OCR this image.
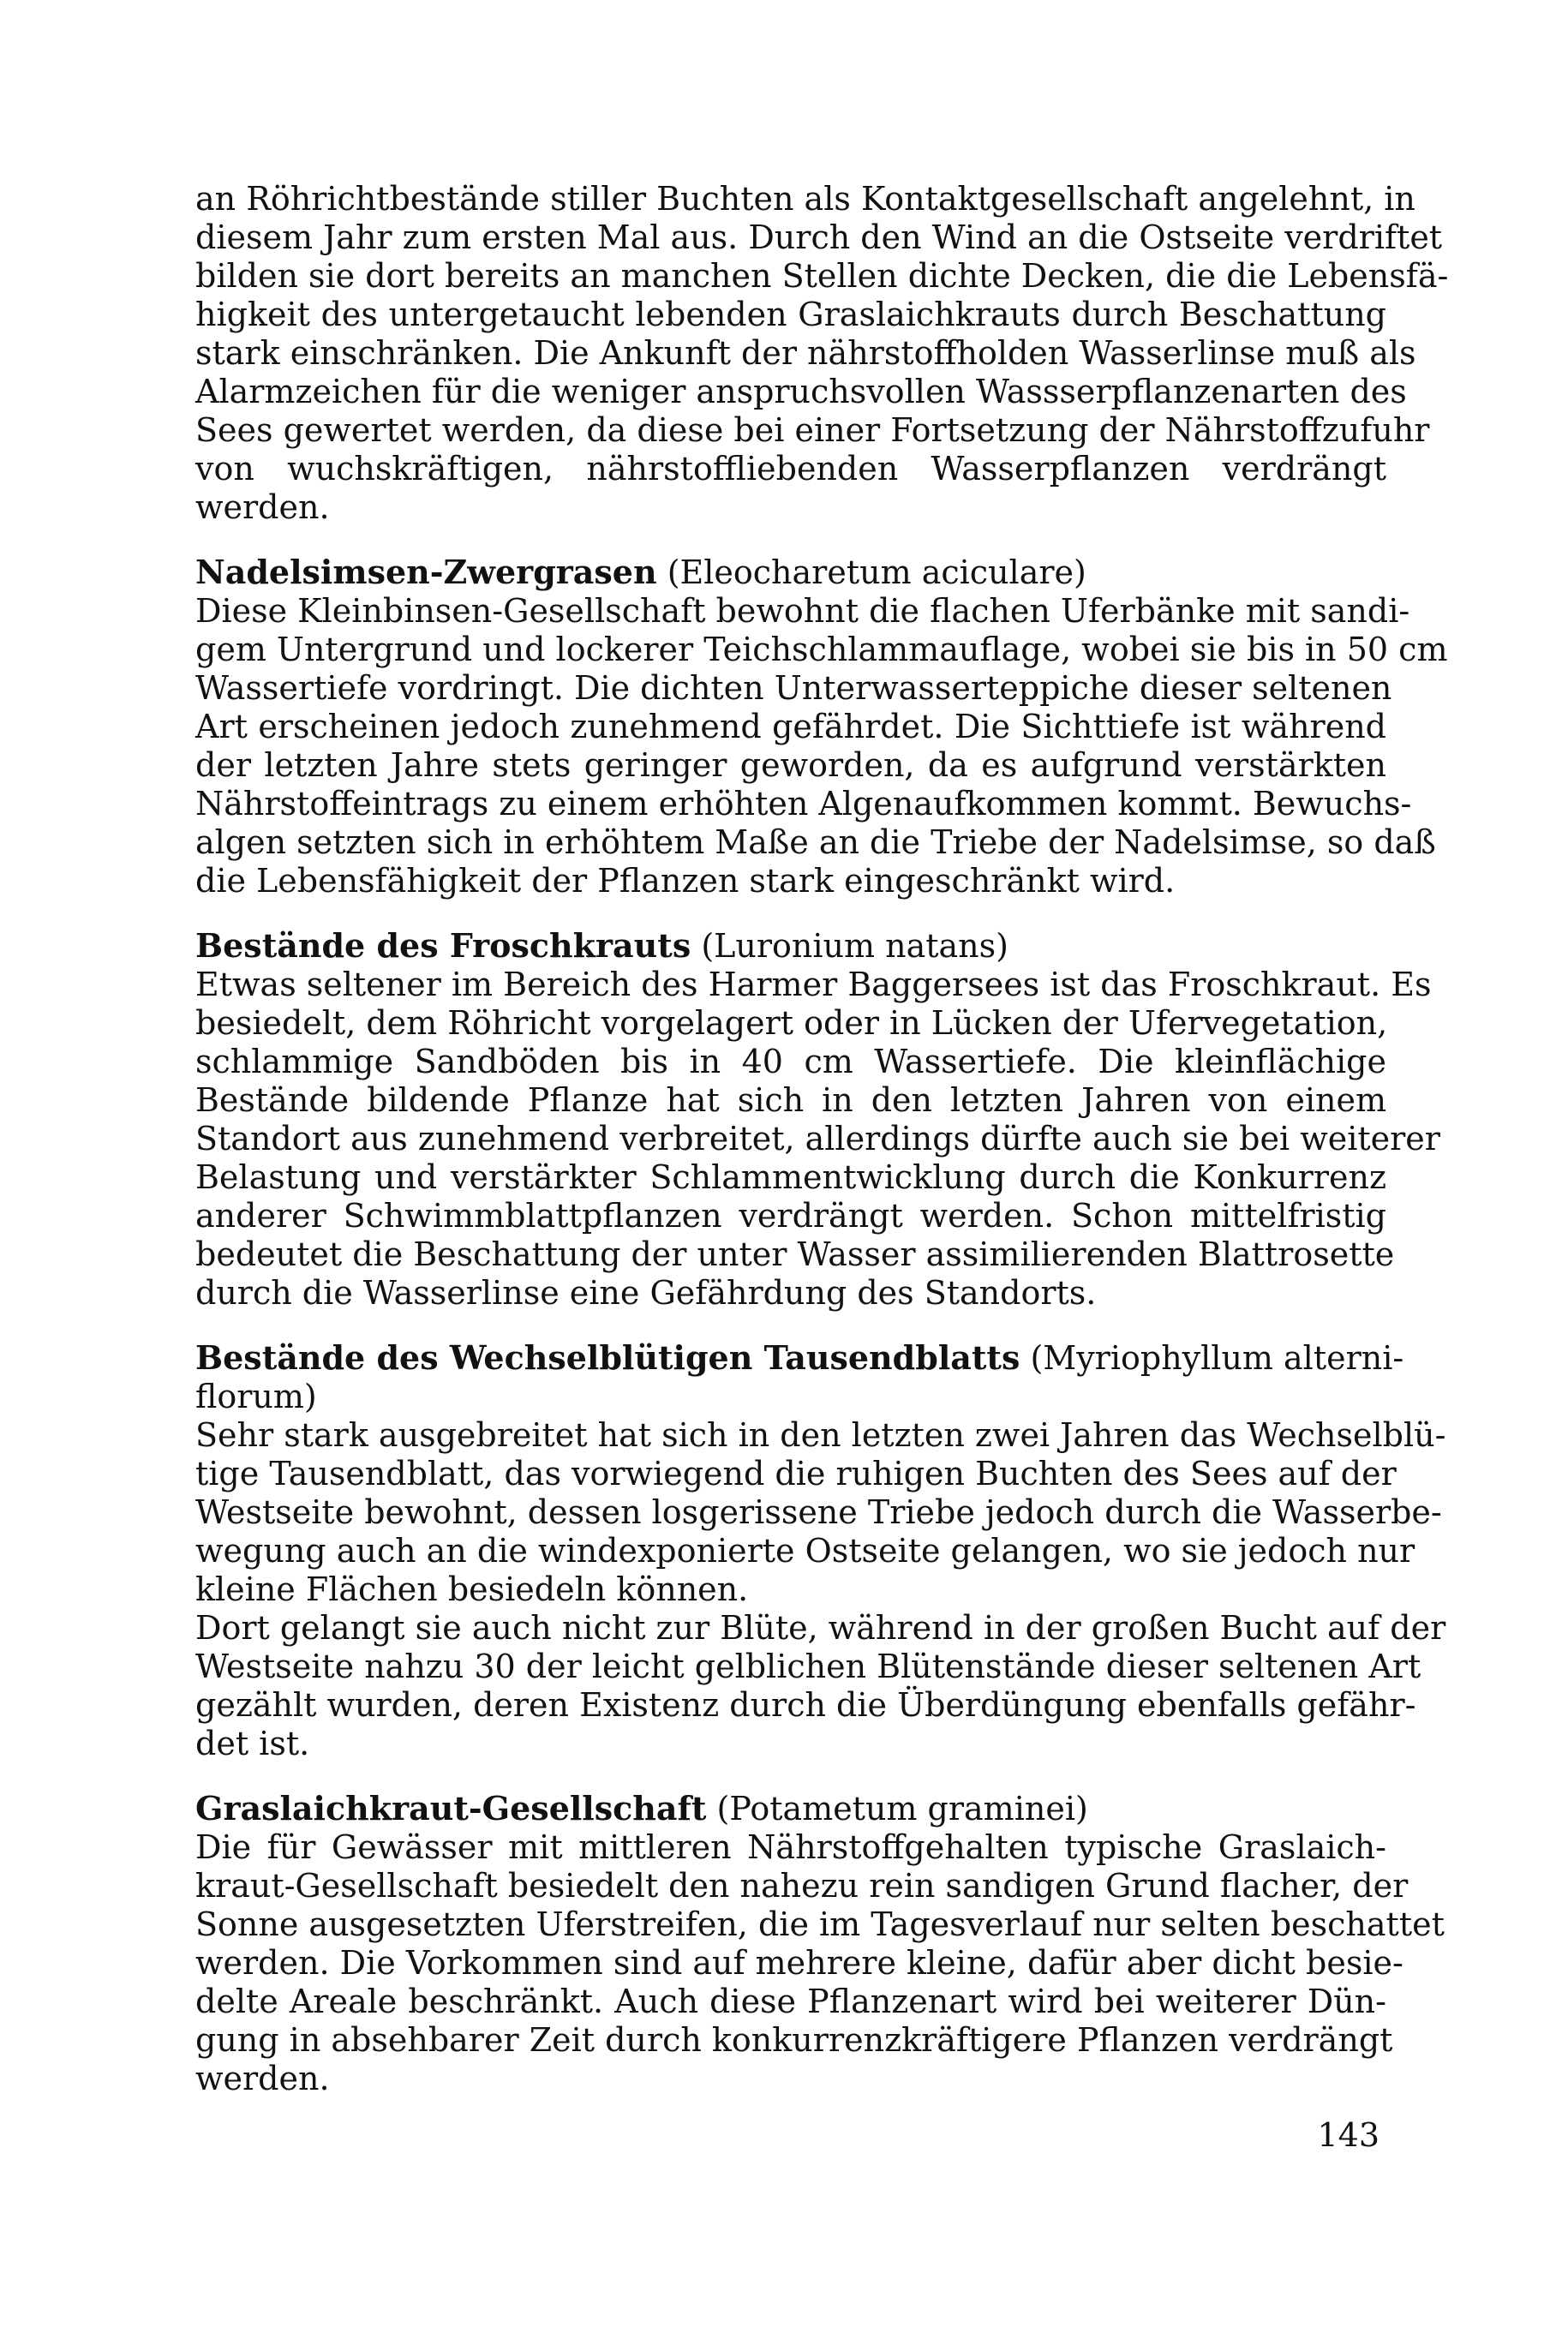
an Röhrichtbestände stiller Buchten als Kontaktgesellschaft angelehnt, in
diesem Jahr zum ersten Mal aus. Durch den Wind an die Ostseite verdriftet
bilden sie dort bereits an manchen Stellen dichte Decken, die die Lebensfä-
higkeit des untergetaucht lebenden Graslaichkrauts durch Beschattung
stark einschränken. Die Ankunft der nährstoffholden Wasserlinse muß als
Alarmzeichen für die weniger anspruchsvollen Wassserpflanzenarten des
Sees gewertet werden, da diese bei einer Fortsetzung der Nährstoffzufuhr
von wuchskräftigen, nährstoffliebenden Wasserpflanzen verdrängt
werden.
Nadelsimsen-Zwergrasen (Eleocharetum aciculare)
Diese Kleinbinsen-Gesellschaft bewohnt die flachen Uferbänke mit sandi-
gem Untergrund und lockerer Teichschlammauflage, wobei sie bis in 50 cm
Wassertiefe vordringt. Die dichten Unterwasserteppiche dieser seltenen
Art erscheinen jedoch zunehmend gefährdet. Die Sichttiefe ist während
der letzten Jahre stets geringer geworden, da es aufgrund verstärkten
Nährstoffeintrags zu einem erhöhten Algenaufkommen kommt. Bewuchs-
algen setzten sich in erhöhtem Maße an die Triebe der Nadelsimse, so daß
die Lebensfähigkeit der Pflanzen stark eingeschränkt wird.
Bestände des Froschkrauts (Luronium natans)
Etwas seltener im Bereich des Harmer Baggersees ist das Froschkraut. Es
besiedelt, dem Röhricht vorgelagert oder in Lücken der Ufervegetation,
schlammige Sandböden bis in 40 cm Wassertiefe. Die kleinflächige
Bestände bildende Pflanze hat sich in den letzten Jahren von einem
Standort aus zunehmend verbreitet, allerdings dürfte auch sie bei weiterer
Belastung und verstärkter Schlammentwicklung durch die Konkurrenz
anderer Schwimmblattpflanzen verdrängt werden. Schon mittelfristig
bedeutet die Beschattung der unter Wasser assimilierenden Blattrosette
durch die Wasserlinse eine Gefährdung des Standorts.
Bestände des Wechselblütigen Tausendblatts (Myriophyllum alterni-
florum)
Sehr stark ausgebreitet hat sich in den letzten zwei Jahren das Wechselblü-
tige Tausendblatt, das vorwiegend die ruhigen Buchten des Sees auf der
Westseite bewohnt, dessen losgerissene Triebe jedoch durch die Wasserbe-
wegung auch an die windexponierte Ostseite gelangen, wo sie jedoch nur
kleine Flächen besiedeln können.
Dort gelangt sie auch nicht zur Blüte, während in der großen Bucht auf der
Westseite nahzu 30 der leicht gelblichen Blütenstände dieser seltenen Art
gezählt wurden, deren Existenz durch die Überdüngung ebenfalls gefähr-
det ist.
Graslaichkraut-Gesellschaft (Potametum graminei)
Die für Gewässer mit mittleren Nährstoffgehalten typische Graslaich-
kraut-Gesellschaft besiedelt den nahezu rein sandigen Grund flacher, der
Sonne ausgesetzten Uferstreifen, die im Tagesverlauf nur selten beschattet
werden. Die Vorkommen sind auf mehrere kleine, dafür aber dicht besie-
delte Areale beschränkt. Auch diese Pflanzenart wird bei weiterer Dün-
gung in absehbarer Zeit durch konkurrenzkräftigere Pflanzen verdrängt
werden.
143
